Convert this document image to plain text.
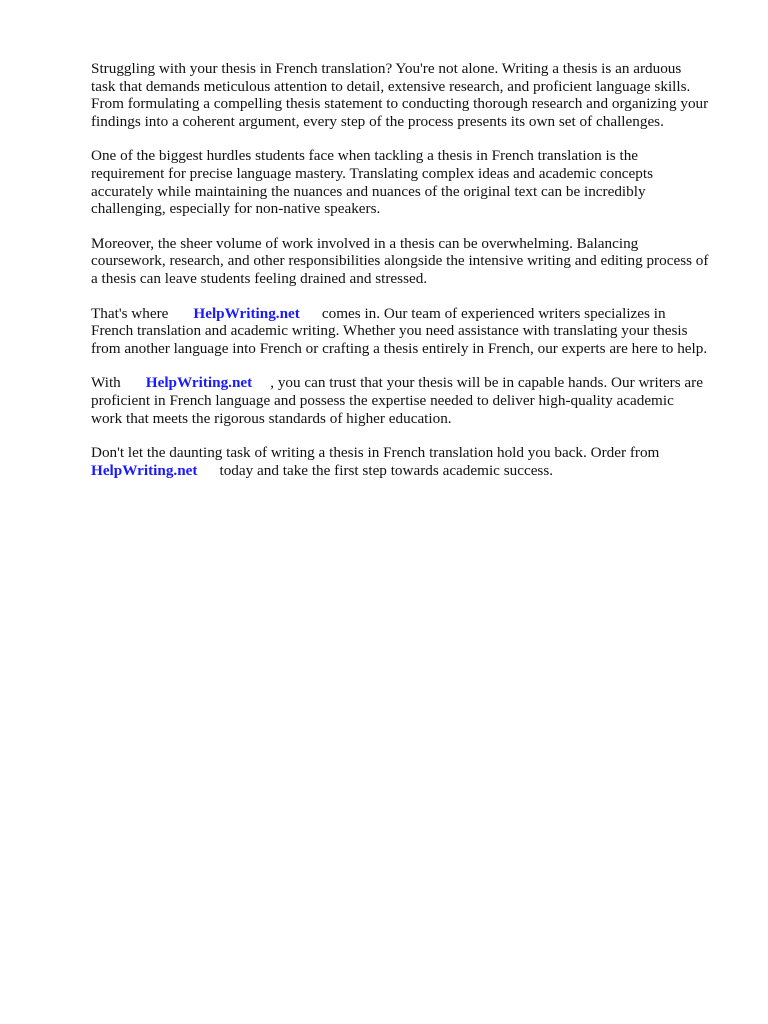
Struggling with your thesis in French translation? You're not alone. Writing a thesis is an arduous
task that demands meticulous attention to detail, extensive research, and proficient language skills.
From formulating a compelling thesis statement to conducting thorough research and organizing your
findings into a coherent argument, every step of the process presents its own set of challenges.

One of the biggest hurdles students face when tackling a thesis in French translation is the
requirement for precise language mastery. Translating complex ideas and academic concepts
accurately while maintaining the nuances and nuances of the original text can be incredibly
challenging, especially for non-native speakers.

Moreover, the sheer volume of work involved in a thesis can be overwhelming. Balancing
coursework, research, and other responsibilities alongside the intensive writing and editing process of
a thesis can leave students feeling drained and stressed.

That's where HelpWriting.net comes in. Our team of experienced writers specializes in
French translation and academic writing. Whether you need assistance with translating your thesis
from another language into French or crafting a thesis entirely in French, our experts are here to help.

With HelpWriting.net , you can trust that your thesis will be in capable hands. Our writers are
proficient in French language and possess the expertise needed to deliver high-quality academic
work that meets the rigorous standards of higher education.

Don't let the daunting task of writing a thesis in French translation hold you back. Order from
HelpWriting.net today and take the first step towards academic success.
